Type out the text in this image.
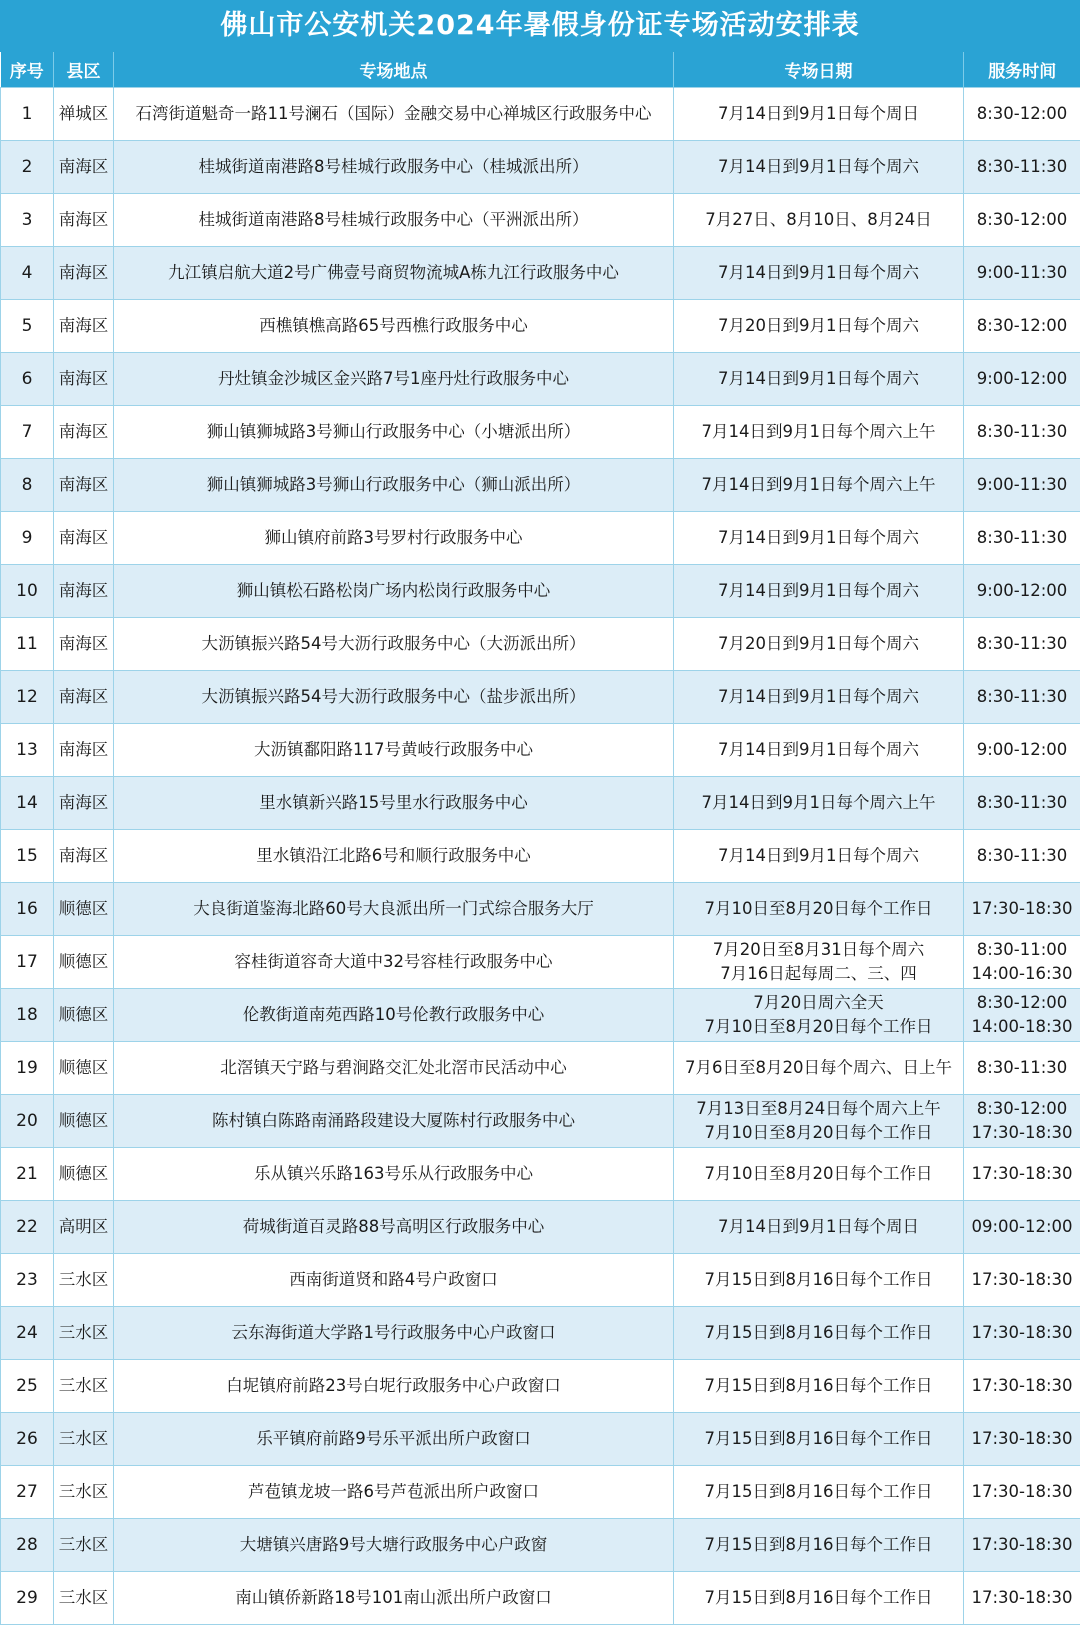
佛山市公安机关2024年暑假身份证专场活动安排表
序号	县区	专场地点	专场日期	服务时间
1	禅城区	石湾街道魁奇一路11号澜石（国际）金融交易中心禅城区行政服务中心	7月14日到9月1日每个周日	8:30-12:00

2	南海区	桂城街道南港路8号桂城行政服务中心（桂城派出所）	7月14日到9月1日每个周六	8:30-11:30

3	南海区	桂城街道南港路8号桂城行政服务中心（平洲派出所）	7月27日、8月10日、8月24日	8:30-12:00

4	南海区	九江镇启航大道2号广佛壹号商贸物流城A栋九江行政服务中心	7月14日到9月1日每个周六	9:00-11:30

5	南海区	西樵镇樵高路65号西樵行政服务中心	7月20日到9月1日每个周六	8:30-12:00

6	南海区	丹灶镇金沙城区金兴路7号1座丹灶行政服务中心	7月14日到9月1日每个周六	9:00-12:00

7	南海区	狮山镇狮城路3号狮山行政服务中心（小塘派出所）	7月14日到9月1日每个周六上午	8:30-11:30

8	南海区	狮山镇狮城路3号狮山行政服务中心（狮山派出所）	7月14日到9月1日每个周六上午	9:00-11:30

9	南海区	狮山镇府前路3号罗村行政服务中心	7月14日到9月1日每个周六	8:30-11:30

10	南海区	狮山镇松石路松岗广场内松岗行政服务中心	7月14日到9月1日每个周六	9:00-12:00

11	南海区	大沥镇振兴路54号大沥行政服务中心（大沥派出所）	7月20日到9月1日每个周六	8:30-11:30

12	南海区	大沥镇振兴路54号大沥行政服务中心（盐步派出所）	7月14日到9月1日每个周六	8:30-11:30

13	南海区	大沥镇鄱阳路117号黄岐行政服务中心	7月14日到9月1日每个周六	9:00-12:00

14	南海区	里水镇新兴路15号里水行政服务中心	7月14日到9月1日每个周六上午	8:30-11:30

15	南海区	里水镇沿江北路6号和顺行政服务中心	7月14日到9月1日每个周六	8:30-11:30

16	顺德区	大良街道鉴海北路60号大良派出所一门式综合服务大厅	7月10日至8月20日每个工作日	17:30-18:30

17	顺德区	容桂街道容奇大道中32号容桂行政服务中心	7月20日至8月31日每个周六
7月16日起每周二、三、四	8:30-11:00
14:00-16:30

18	顺德区	伦教街道南苑西路10号伦教行政服务中心	7月20日周六全天
7月10日至8月20日每个工作日	8:30-12:00
14:00-18:30

19	顺德区	北滘镇天宁路与碧涧路交汇处北滘市民活动中心	7月6日至8月20日每个周六、日上午	8:30-11:30

20	顺德区	陈村镇白陈路南涌路段建设大厦陈村行政服务中心	7月13日至8月24日每个周六上午
7月10日至8月20日每个工作日	8:30-12:00
17:30-18:30

21	顺德区	乐从镇兴乐路163号乐从行政服务中心	7月10日至8月20日每个工作日	17:30-18:30

22	高明区	荷城街道百灵路88号高明区行政服务中心	7月14日到9月1日每个周日	09:00-12:00

23	三水区	西南街道贤和路4号户政窗口	7月15日到8月16日每个工作日	17:30-18:30

24	三水区	云东海街道大学路1号行政服务中心户政窗口	7月15日到8月16日每个工作日	17:30-18:30

25	三水区	白坭镇府前路23号白坭行政服务中心户政窗口	7月15日到8月16日每个工作日	17:30-18:30

26	三水区	乐平镇府前路9号乐平派出所户政窗口	7月15日到8月16日每个工作日	17:30-18:30

27	三水区	芦苞镇龙坡一路6号芦苞派出所户政窗口	7月15日到8月16日每个工作日	17:30-18:30

28	三水区	大塘镇兴唐路9号大塘行政服务中心户政窗	7月15日到8月16日每个工作日	17:30-18:30

29	三水区	南山镇侨新路18号101南山派出所户政窗口	7月15日到8月16日每个工作日	17:30-18:30
